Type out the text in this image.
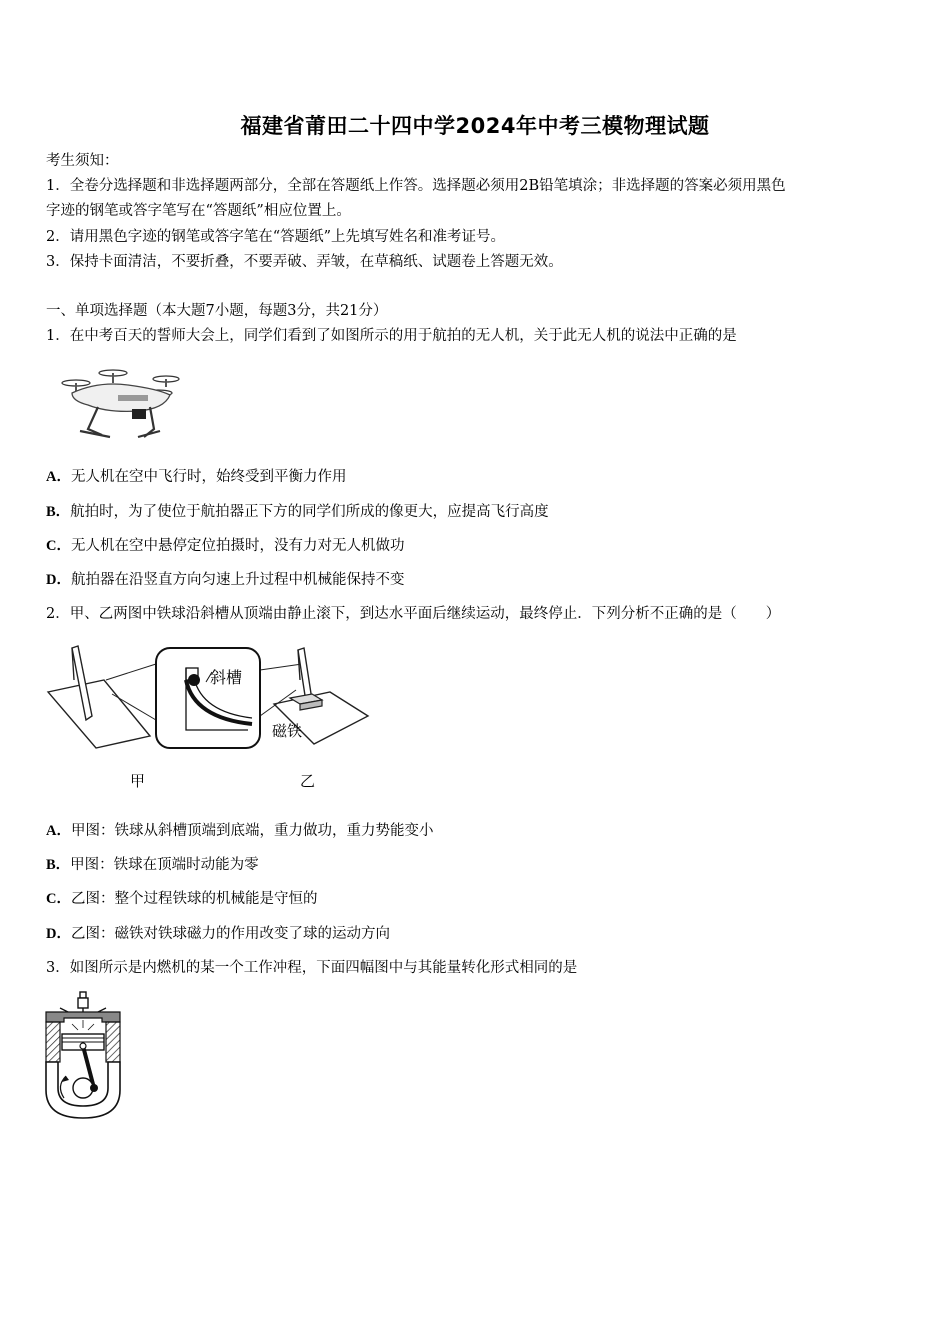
福建省莆田二十四中学2024年中考三模物理试题
考生须知：
1．全卷分选择题和非选择题两部分，全部在答题纸上作答。选择题必须用2B铅笔填涂；非选择题的答案必须用黑色
字迹的钢笔或答字笔写在“答题纸”相应位置上。
2．请用黑色字迹的钢笔或答字笔在“答题纸”上先填写姓名和准考证号。
3．保持卡面清洁，不要折叠，不要弄破、弄皱，在草稿纸、试题卷上答题无效。
一、单项选择题（本大题7小题，每题3分，共21分）
1．在中考百天的誓师大会上，同学们看到了如图所示的用于航拍的无人机，关于此无人机的说法中正确的是
A．无人机在空中飞行时，始终受到平衡力作用
B．航拍时，为了使位于航拍器正下方的同学们所成的像更大，应提高飞行高度
C．无人机在空中悬停定位拍摄时，没有力对无人机做功
D．航拍器在沿竖直方向匀速上升过程中机械能保持不变
2．甲、乙两图中铁球沿斜槽从顶端由静止滚下，到达水平面后继续运动，最终停止．下列分析不正确的是（　　）
斜槽
磁铁
甲	乙
A．甲图：铁球从斜槽顶端到底端，重力做功，重力势能变小
B．甲图：铁球在顶端时动能为零
C．乙图：整个过程铁球的机械能是守恒的
D．乙图：磁铁对铁球磁力的作用改变了球的运动方向
3．如图所示是内燃机的某一个工作冲程，下面四幅图中与其能量转化形式相同的是
